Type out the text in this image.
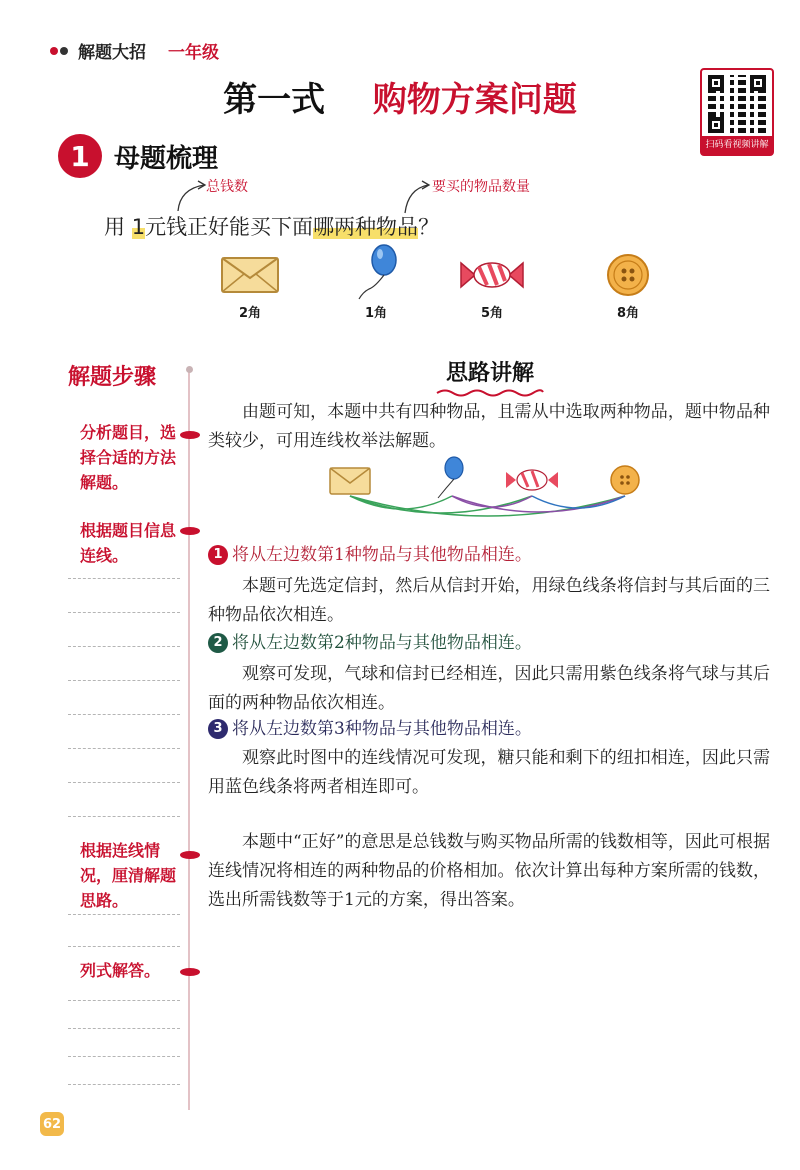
解题大招 一年级
第一式 购物方案问题
扫码看视频讲解
1 母题梳理
总钱数	要买的物品数量
用 1元钱正好能买下面哪两种物品？
2角	1角	5角	8角
解题步骤
分析题目，选择合适的方法解题。
根据题目信息连线。
根据连线情况，厘清解题思路。
列式解答。
思路讲解
由题可知，本题中共有四种物品，且需从中选取两种物品，题中物品种类较少，可用连线枚举法解题。
1 将从左边数第1种物品与其他物品相连。
本题可先选定信封，然后从信封开始，用绿色线条将信封与其后面的三种物品依次相连。
2 将从左边数第2种物品与其他物品相连。
观察可发现，气球和信封已经相连，因此只需用紫色线条将气球与其后面的两种物品依次相连。
3 将从左边数第3种物品与其他物品相连。
观察此时图中的连线情况可发现，糖只能和剩下的纽扣相连，因此只需用蓝色线条将两者相连即可。
本题中“正好”的意思是总钱数与购买物品所需的钱数相等，因此可根据连线情况将相连的两种物品的价格相加。依次计算出每种方案所需的钱数，选出所需钱数等于1元的方案，得出答案。
62
